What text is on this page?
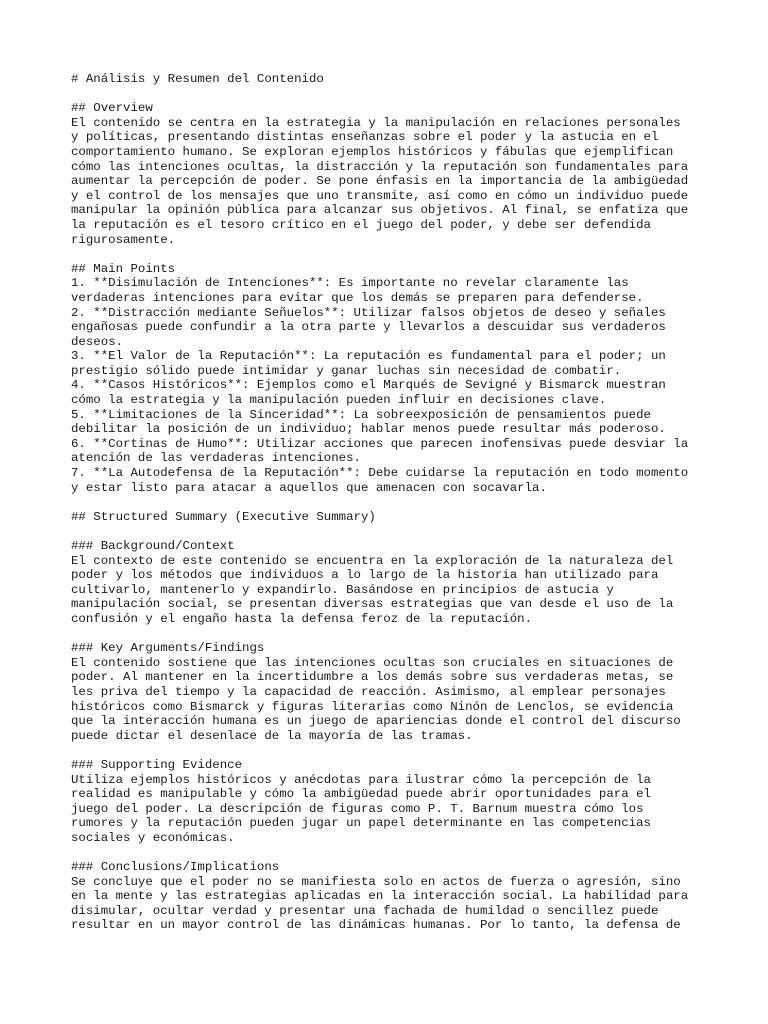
# Análisis y Resumen del Contenido
## Overview
El contenido se centra en la estrategia y la manipulación en relaciones personales
y políticas, presentando distintas enseñanzas sobre el poder y la astucia en el
comportamiento humano. Se exploran ejemplos históricos y fábulas que ejemplifican
cómo las intenciones ocultas, la distracción y la reputación son fundamentales para
aumentar la percepción de poder. Se pone énfasis en la importancia de la ambigüedad
y el control de los mensajes que uno transmite, así como en cómo un individuo puede
manipular la opinión pública para alcanzar sus objetivos. Al final, se enfatiza que
la reputación es el tesoro crítico en el juego del poder, y debe ser defendida
rigurosamente.
## Main Points
1. **Disimulación de Intenciones**: Es importante no revelar claramente las
verdaderas intenciones para evitar que los demás se preparen para defenderse.
2. **Distracción mediante Señuelos**: Utilizar falsos objetos de deseo y señales
engañosas puede confundir a la otra parte y llevarlos a descuidar sus verdaderos
deseos.
3. **El Valor de la Reputación**: La reputación es fundamental para el poder; un
prestigio sólido puede intimidar y ganar luchas sin necesidad de combatir.
4. **Casos Históricos**: Ejemplos como el Marqués de Sevigné y Bismarck muestran
cómo la estrategia y la manipulación pueden influir en decisiones clave.
5. **Limitaciones de la Sinceridad**: La sobreexposición de pensamientos puede
debilitar la posición de un individuo; hablar menos puede resultar más poderoso.
6. **Cortinas de Humo**: Utilizar acciones que parecen inofensivas puede desviar la
atención de las verdaderas intenciones.
7. **La Autodefensa de la Reputación**: Debe cuidarse la reputación en todo momento
y estar listo para atacar a aquellos que amenacen con socavarla.
## Structured Summary (Executive Summary)
### Background/Context
El contexto de este contenido se encuentra en la exploración de la naturaleza del
poder y los métodos que individuos a lo largo de la historia han utilizado para
cultivarlo, mantenerlo y expandirlo. Basándose en principios de astucia y
manipulación social, se presentan diversas estrategias que van desde el uso de la
confusión y el engaño hasta la defensa feroz de la reputación.
### Key Arguments/Findings
El contenido sostiene que las intenciones ocultas son cruciales en situaciones de
poder. Al mantener en la incertidumbre a los demás sobre sus verdaderas metas, se
les priva del tiempo y la capacidad de reacción. Asimismo, al emplear personajes
históricos como Bismarck y figuras literarias como Ninón de Lenclos, se evidencia
que la interacción humana es un juego de apariencias donde el control del discurso
puede dictar el desenlace de la mayoría de las tramas.
### Supporting Evidence
Utiliza ejemplos históricos y anécdotas para ilustrar cómo la percepción de la
realidad es manipulable y cómo la ambigüedad puede abrir oportunidades para el
juego del poder. La descripción de figuras como P. T. Barnum muestra cómo los
rumores y la reputación pueden jugar un papel determinante en las competencias
sociales y económicas.
### Conclusions/Implications
Se concluye que el poder no se manifiesta solo en actos de fuerza o agresión, sino
en la mente y las estrategias aplicadas en la interacción social. La habilidad para
disimular, ocultar verdad y presentar una fachada de humildad o sencillez puede
resultar en un mayor control de las dinámicas humanas. Por lo tanto, la defensa de
